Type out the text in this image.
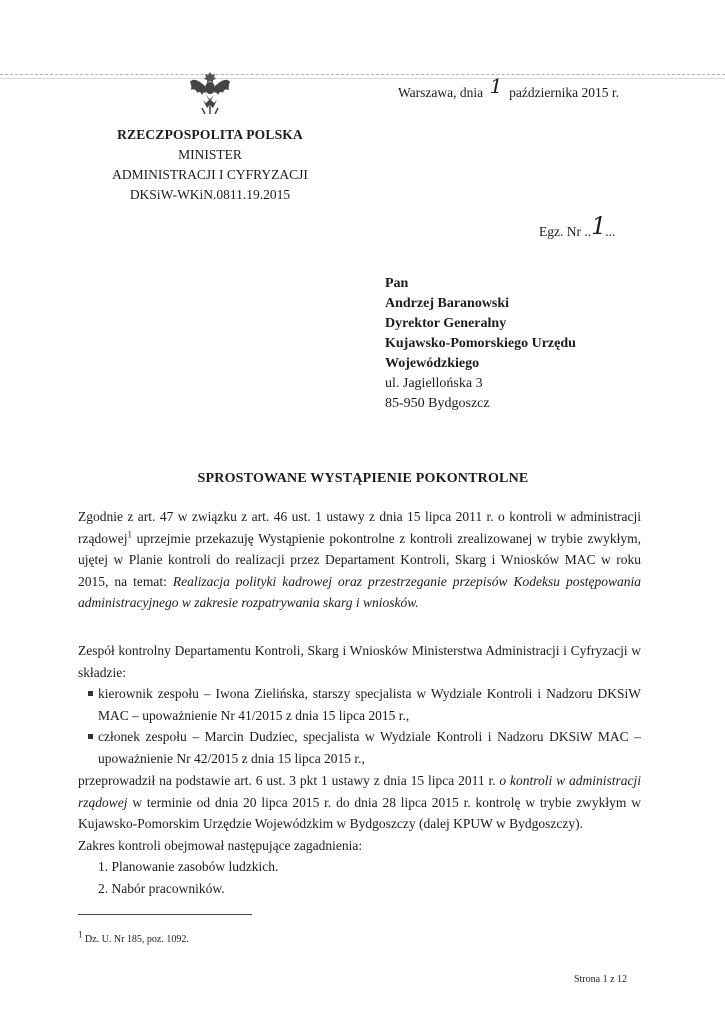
Warszawa, dnia 1 października 2015 r.
RZECZPOSPOLITA POLSKA
MINISTER
ADMINISTRACJI I CYFRYZACJI
DKSiW-WKiN.0811.19.2015
Egz. Nr ..1...
Pan
Andrzej Baranowski
Dyrektor Generalny
Kujawsko-Pomorskiego Urzędu
Wojewódzkiego
ul. Jagiellońska 3
85-950 Bydgoszcz
SPROSTOWANE WYSTĄPIENIE POKONTROLNE
Zgodnie z art. 47 w związku z art. 46 ust. 1 ustawy z dnia 15 lipca 2011 r. o kontroli w administracji rządowej$^1$ uprzejmie przekazuję Wystąpienie pokontrolne z kontroli zrealizowanej w trybie zwykłym, ujętej w Planie kontroli do realizacji przez Departament Kontroli, Skarg i Wniosków MAC w roku 2015, na temat: Realizacja polityki kadrowej oraz przestrzeganie przepisów Kodeksu postępowania administracyjnego w zakresie rozpatrywania skarg i wniosków.
Zespół kontrolny Departamentu Kontroli, Skarg i Wniosków Ministerstwa Administracji i Cyfryzacji w składzie:
kierownik zespołu – Iwona Zielińska, starszy specjalista w Wydziale Kontroli i Nadzoru DKSiW MAC – upoważnienie Nr 41/2015 z dnia 15 lipca 2015 r.,
członek zespołu – Marcin Dudziec, specjalista w Wydziale Kontroli i Nadzoru DKSiW MAC – upoważnienie Nr 42/2015 z dnia 15 lipca 2015 r.,
przeprowadził na podstawie art. 6 ust. 3 pkt 1 ustawy z dnia 15 lipca 2011 r. o kontroli w administracji rządowej w terminie od dnia 20 lipca 2015 r. do dnia 28 lipca 2015 r. kontrolę w trybie zwykłym w Kujawsko-Pomorskim Urzędzie Wojewódzkim w Bydgoszczy (dalej KPUW w Bydgoszczy).
Zakres kontroli obejmował następujące zagadnienia:
1. Planowanie zasobów ludzkich.
2. Nabór pracowników.
$^1$ Dz. U. Nr 185, poz. 1092.
Strona 1 z 12
